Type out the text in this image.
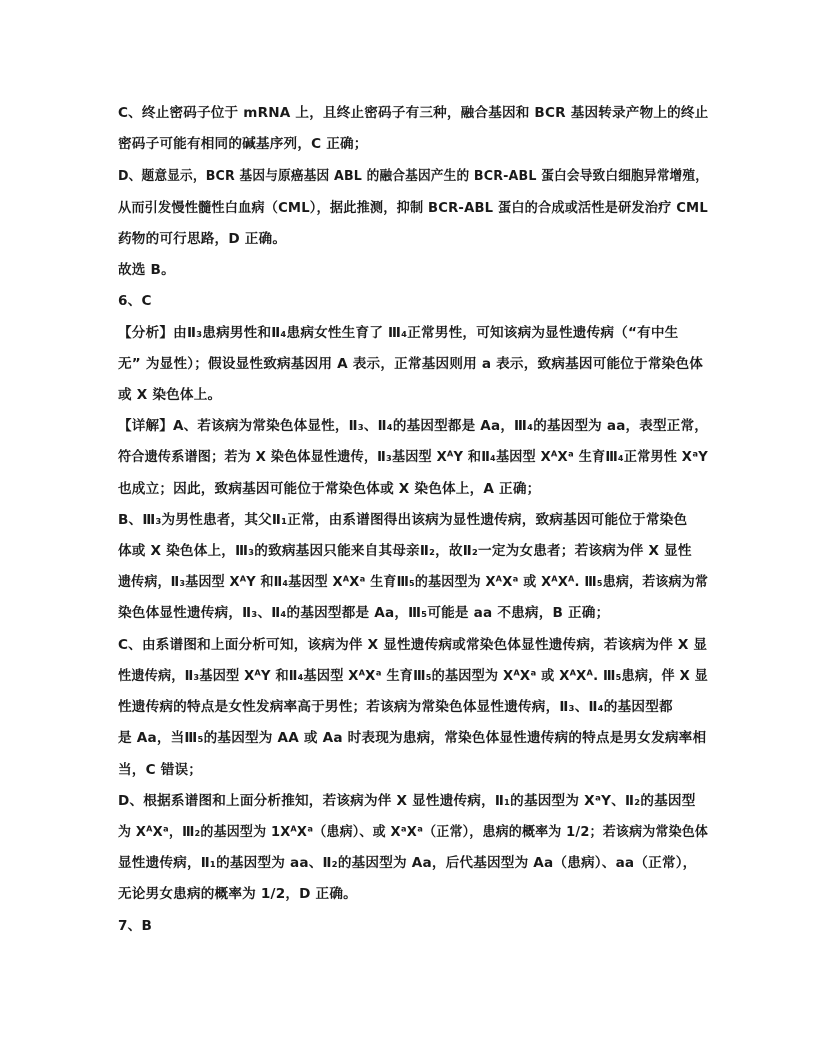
C、终止密码子位于 mRNA 上，且终止密码子有三种，融合基因和 BCR 基因转录产物上的终止
密码子可能有相同的碱基序列，C 正确；
D、题意显示，BCR 基因与原癌基因 ABL 的融合基因产生的 BCR-ABL 蛋白会导致白细胞异常增殖，
从而引发慢性髓性白血病（CML），据此推测，抑制 BCR-ABL 蛋白的合成或活性是研发治疗 CML
药物的可行思路，D 正确。
故选 B。
6、C
【分析】由Ⅱ₃患病男性和Ⅱ₄患病女性生育了 Ⅲ₄正常男性，可知该病为显性遗传病（“有中生
无” 为显性）；假设显性致病基因用 A 表示，正常基因则用 a 表示，致病基因可能位于常染色体
或 X 染色体上。
【详解】A、若该病为常染色体显性，Ⅱ₃、Ⅱ₄的基因型都是 Aa，Ⅲ₄的基因型为 aa，表型正常，
符合遗传系谱图；若为 X 染色体显性遗传，Ⅱ₃基因型 XᴬY 和Ⅱ₄基因型 XᴬXᵃ 生育Ⅲ₄正常男性 XᵃY
也成立；因此，致病基因可能位于常染色体或 X 染色体上，A 正确；
B、Ⅲ₃为男性患者，其父Ⅱ₁正常，由系谱图得出该病为显性遗传病，致病基因可能位于常染色
体或 X 染色体上，Ⅲ₃的致病基因只能来自其母亲Ⅱ₂，故Ⅱ₂一定为女患者；若该病为伴 X 显性
遗传病，Ⅱ₃基因型 XᴬY 和Ⅱ₄基因型 XᴬXᵃ 生育Ⅲ₅的基因型为 XᴬXᵃ 或 XᴬXᴬ. Ⅲ₅患病，若该病为常
染色体显性遗传病，Ⅱ₃、Ⅱ₄的基因型都是 Aa，Ⅲ₅可能是 aa 不患病，B 正确；
C、由系谱图和上面分析可知，该病为伴 X 显性遗传病或常染色体显性遗传病，若该病为伴 X 显
性遗传病，Ⅱ₃基因型 XᴬY 和Ⅱ₄基因型 XᴬXᵃ 生育Ⅲ₅的基因型为 XᴬXᵃ 或 XᴬXᴬ. Ⅲ₅患病，伴 X 显
性遗传病的特点是女性发病率高于男性；若该病为常染色体显性遗传病，Ⅱ₃、Ⅱ₄的基因型都
是 Aa，当Ⅲ₅的基因型为 AA 或 Aa 时表现为患病，常染色体显性遗传病的特点是男女发病率相
当，C 错误；
D、根据系谱图和上面分析推知，若该病为伴 X 显性遗传病，Ⅱ₁的基因型为 XᵃY、Ⅱ₂的基因型
为 XᴬXᵃ，Ⅲ₂的基因型为 1XᴬXᵃ（患病）、或 XᵃXᵃ（正常），患病的概率为 1/2；若该病为常染色体
显性遗传病，Ⅱ₁的基因型为 aa、Ⅱ₂的基因型为 Aa，后代基因型为 Aa（患病）、aa（正常），
无论男女患病的概率为 1/2，D 正确。
7、B
